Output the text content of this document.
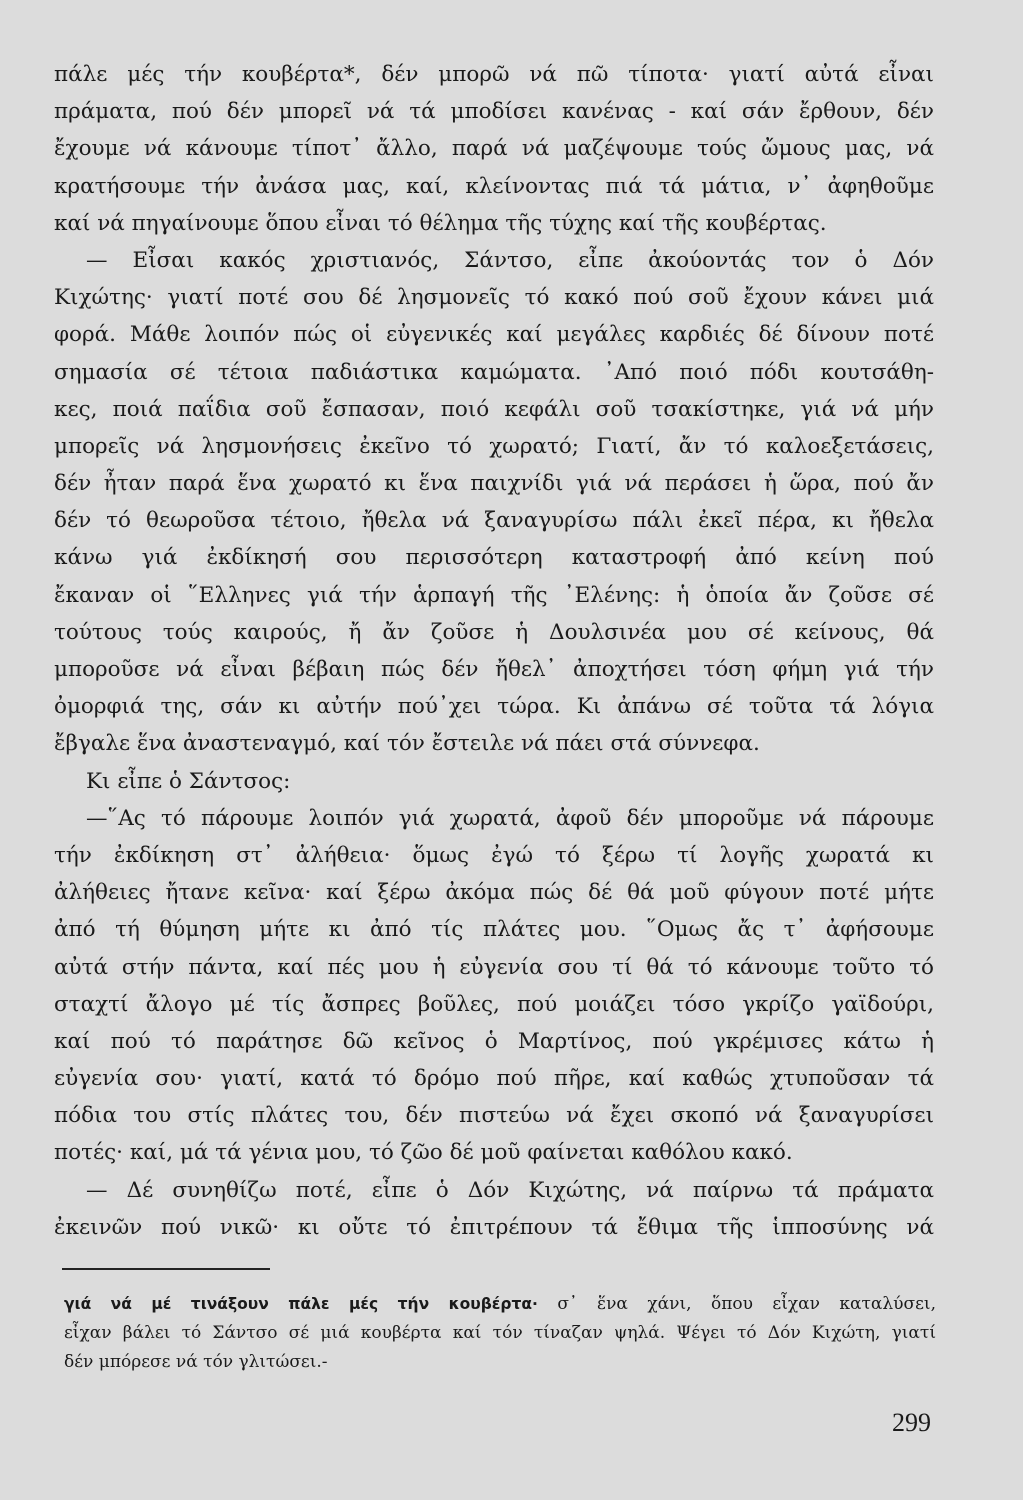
πάλε μές τήν κουβέρτα*, δέν μπορῶ νά πῶ τίποτα· γιατί αὐτά εἶναι
πράματα, πού δέν μπορεῖ νά τά μποδίσει κανένας - καί σάν ἔρθουν, δέν
ἔχουμε νά κάνουμε τίποτ᾽ ἄλλο, παρά νά μαζέψουμε τούς ὤμους μας, νά
κρατήσουμε τήν ἀνάσα μας, καί, κλείνοντας πιά τά μάτια, ν᾽ ἀφηθοῦμε
καί νά πηγαίνουμε ὅπου εἶναι τό θέλημα τῆς τύχης καί τῆς κουβέρτας.
— Εἶσαι κακός χριστιανός, Σάντσο, εἶπε ἀκούοντάς τον ὁ Δόν
Κιχώτης· γιατί ποτέ σου δέ λησμονεῖς τό κακό πού σοῦ ἔχουν κάνει μιά
φορά. Μάθε λοιπόν πώς οἱ εὐγενικές καί μεγάλες καρδιές δέ δίνουν ποτέ
σημασία σέ τέτοια παδιάστικα καμώματα. ᾽Από ποιό πόδι κουτσάθη-
κες, ποιά παΐδια σοῦ ἔσπασαν, ποιό κεφάλι σοῦ τσακίστηκε, γιά νά μήν
μπορεῖς νά λησμονήσεις ἐκεῖνο τό χωρατό; Γιατί, ἄν τό καλοεξετάσεις,
δέν ἦταν παρά ἕνα χωρατό κι ἕνα παιχνίδι γιά νά περάσει ἡ ὥρα, πού ἄν
δέν τό θεωροῦσα τέτοιο, ἤθελα νά ξαναγυρίσω πάλι ἐκεῖ πέρα, κι ἤθελα
κάνω γιά ἐκδίκησή σου περισσότερη καταστροφή ἀπό κείνη πού
ἔκαναν οἱ ῞Ελληνες γιά τήν ἁρπαγή τῆς ᾽Ελένης: ἡ ὁποία ἄν ζοῦσε σέ
τούτους τούς καιρούς, ἤ ἄν ζοῦσε ἡ Δουλσινέα μου σέ κείνους, θά
μποροῦσε νά εἶναι βέβαιη πώς δέν ἤθελ᾽ ἀποχτήσει τόση φήμη γιά τήν
ὀμορφιά της, σάν κι αὐτήν πού᾽χει τώρα. Κι ἀπάνω σέ τοῦτα τά λόγια
ἔβγαλε ἕνα ἀναστεναγμό, καί τόν ἔστειλε νά πάει στά σύννεφα.
Κι εἶπε ὁ Σάντσος:
—῞Ας τό πάρουμε λοιπόν γιά χωρατά, ἀφοῦ δέν μποροῦμε νά πάρουμε
τήν ἐκδίκηση στ᾽ ἀλήθεια· ὅμως ἐγώ τό ξέρω τί λογῆς χωρατά κι
ἀλήθειες ἤτανε κεῖνα· καί ξέρω ἀκόμα πώς δέ θά μοῦ φύγουν ποτέ μήτε
ἀπό τή θύμηση μήτε κι ἀπό τίς πλάτες μου. ῞Ομως ἄς τ᾽ ἀφήσουμε
αὐτά στήν πάντα, καί πές μου ἡ εὐγενία σου τί θά τό κάνουμε τοῦτο τό
σταχτί ἄλογο μέ τίς ἄσπρες βοῦλες, πού μοιάζει τόσο γκρίζο γαϊδούρι,
καί πού τό παράτησε δῶ κεῖνος ὁ Μαρτίνος, πού γκρέμισες κάτω ἡ
εὐγενία σου· γιατί, κατά τό δρόμο πού πῆρε, καί καθώς χτυποῦσαν τά
πόδια του στίς πλάτες του, δέν πιστεύω νά ἔχει σκοπό νά ξαναγυρίσει
ποτές· καί, μά τά γένια μου, τό ζῶο δέ μοῦ φαίνεται καθόλου κακό.
— Δέ συνηθίζω ποτέ, εἶπε ὁ Δόν Κιχώτης, νά παίρνω τά πράματα
ἐκεινῶν πού νικῶ· κι οὔτε τό ἐπιτρέπουν τά ἔθιμα τῆς ἱπποσύνης νά
γιά νά μέ τινάξουν πάλε μές τήν κουβέρτα· σ᾽ ἕνα χάνι, ὅπου εἶχαν καταλύσει,
εἶχαν βάλει τό Σάντσο σέ μιά κουβέρτα καί τόν τίναζαν ψηλά. Ψέγει τό Δόν Κιχώτη, γιατί
δέν μπόρεσε νά τόν γλιτώσει.-
299
